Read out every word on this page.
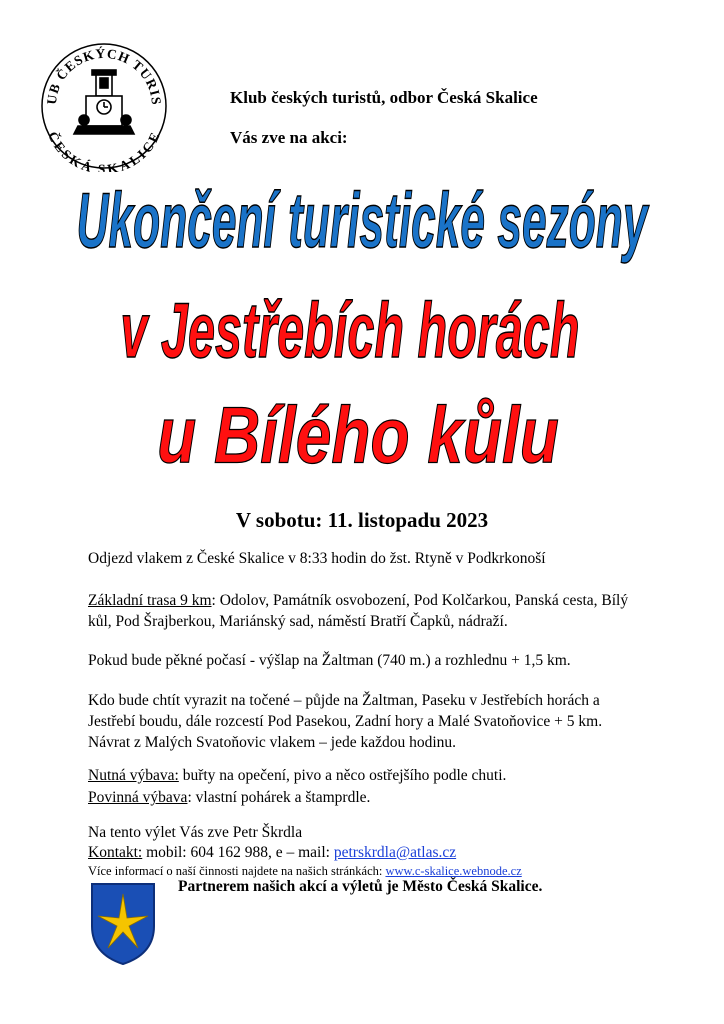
UB ČESKÝCH TURIS
ČESKÁ SKALICE
Klub českých turistů, odbor Česká Skalice
Vás zve na akci:
Ukončení turistické sezóny
v Jestřebích horách
u Bílého kůlu
V sobotu: 11. listopadu 2023
Odjezd vlakem z České Skalice v 8:33 hodin do žst. Rtyně v Podkrkonoší
Základní trasa 9 km: Odolov, Památník osvobození, Pod Kolčarkou, Panská cesta, Bílý kůl, Pod Šrajberkou, Mariánský sad, náměstí Bratří Čapků, nádraží.
Pokud bude pěkné počasí - výšlap na Žaltman (740 m.) a rozhlednu + 1,5 km.
Kdo bude chtít vyrazit na točené – půjde na Žaltman, Paseku v Jestřebích horách a Jestřebí boudu, dále rozcestí Pod Pasekou, Zadní hory a Malé Svatoňovice + 5 km. Návrat z Malých Svatoňovic vlakem – jede každou hodinu.
Nutná výbava: buřty na opečení, pivo a něco ostřejšího podle chuti.
Povinná výbava: vlastní pohárek a štamprdle.
Na tento výlet Vás zve Petr Škrdla
Kontakt: mobil: 604 162 988, e – mail: petrskrdla@atlas.cz
Více informací o naší činnosti najdete na našich stránkách: www.c-skalice.webnode.cz
Partnerem našich akcí a výletů je Město Česká Skalice.
